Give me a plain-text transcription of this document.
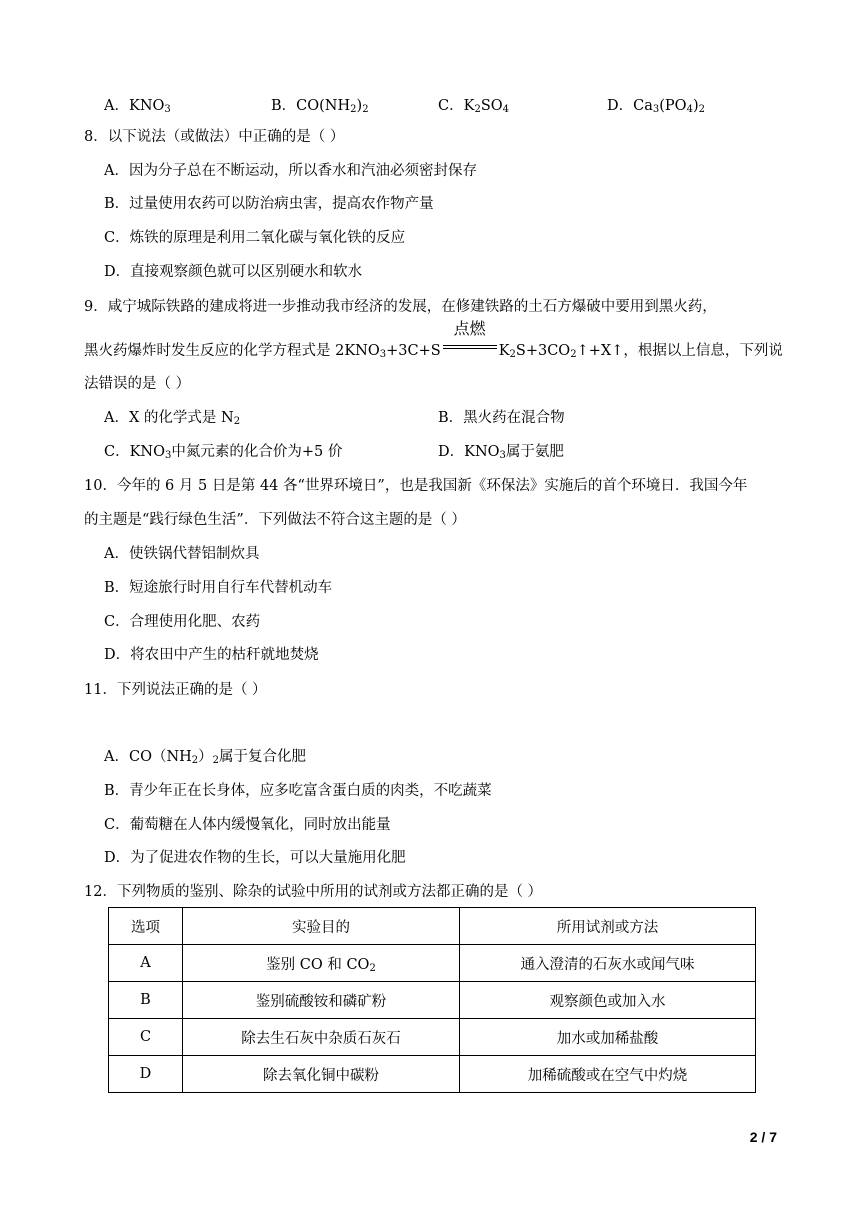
A．$KNO_3$	B．$CO(NH_2)_2$	C．$K_2SO_4$	D．$Ca_3(PO_4)_2$
8．以下说法（或做法）中正确的是（ ）
A．因为分子总在不断运动，所以香水和汽油必须密封保存
B．过量使用农药可以防治病虫害，提高农作物产量
C．炼铁的原理是利用二氧化碳与氧化铁的反应
D．直接观察颜色就可以区别硬水和软水
9．咸宁城际铁路的建成将进一步推动我市经济的发展，在修建铁路的土石方爆破中要用到黑火药，
黑火药爆炸时发生反应的化学方程式是 $2KNO_3+3C+S$
点燃
$K_2S+3CO_2↑+X↑$，根据以上信息，下列说
法错误的是（ ）
A．X 的化学式是 $N_2$	B．黑火药在混合物
C．$KNO_3$中氮元素的化合价为+5 价	D．$KNO_3$属于氨肥
10．今年的 6 月 5 日是第 44 各“世界环境日”，也是我国新《环保法》实施后的首个环境日．我国今年
的主题是“践行绿色生活”．下列做法不符合这主题的是（ ）
A．使铁锅代替铝制炊具
B．短途旅行时用自行车代替机动车
C．合理使用化肥、农药
D．将农田中产生的枯秆就地焚烧
11．下列说法正确的是（ ）
A．$CO(NH_2)_2$属于复合化肥
B．青少年正在长身体，应多吃富含蛋白质的肉类，不吃蔬菜
C．葡萄糖在人体内缓慢氧化，同时放出能量
D．为了促进农作物的生长，可以大量施用化肥
12．下列物质的鉴别、除杂的试验中所用的试剂或方法都正确的是（ ）
选项	实验目的	所用试剂或方法
A	鉴别 CO 和 $CO_2$	通入澄清的石灰水或闻气味
B	鉴别硫酸铵和磷矿粉	观察颜色或加入水
C	除去生石灰中杂质石灰石	加水或加稀盐酸
D	除去氧化铜中碳粉	加稀硫酸或在空气中灼烧
2 / 7
